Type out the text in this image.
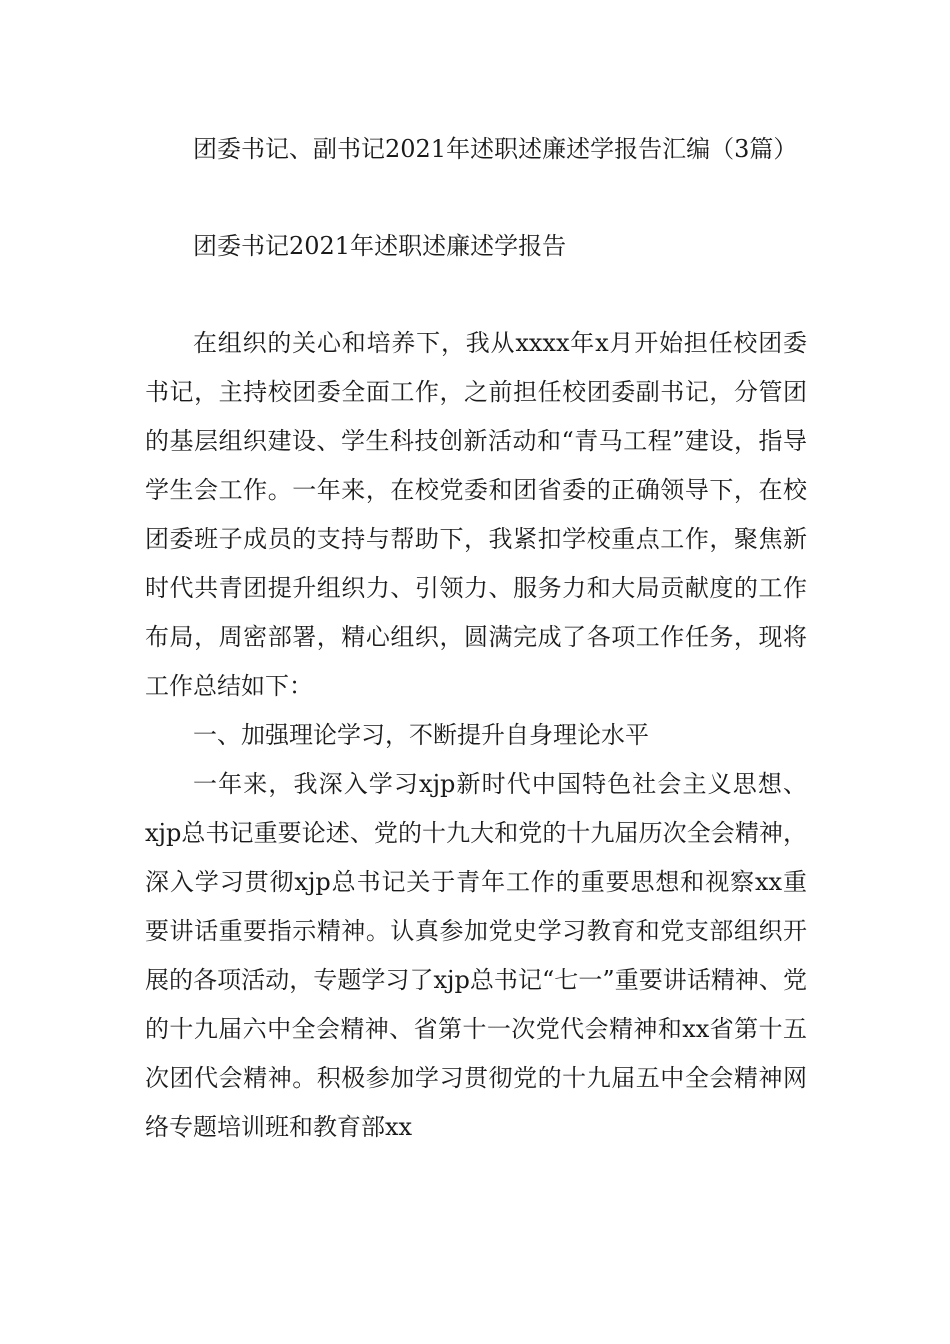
团委书记、副书记2021年述职述廉述学报告汇编（3篇）

团委书记2021年述职述廉述学报告

在组织的关心和培养下，我从xxxx年x月开始担任校团委书记，主持校团委全面工作，之前担任校团委副书记，分管团的基层组织建设、学生科技创新活动和“青马工程”建设，指导学生会工作。一年来，在校党委和团省委的正确领导下，在校团委班子成员的支持与帮助下，我紧扣学校重点工作，聚焦新时代共青团提升组织力、引领力、服务力和大局贡献度的工作布局，周密部署，精心组织，圆满完成了各项工作任务，现将工作总结如下：

一、加强理论学习，不断提升自身理论水平

一年来，我深入学习xjp新时代中国特色社会主义思想、xjp总书记重要论述、党的十九大和党的十九届历次全会精神，深入学习贯彻xjp总书记关于青年工作的重要思想和视察xx重要讲话重要指示精神。认真参加党史学习教育和党支部组织开展的各项活动，专题学习了xjp总书记“七一”重要讲话精神、党的十九届六中全会精神、省第十一次党代会精神和xx省第十五次团代会精神。积极参加学习贯彻党的十九届五中全会精神网络专题培训班和教育部xx
